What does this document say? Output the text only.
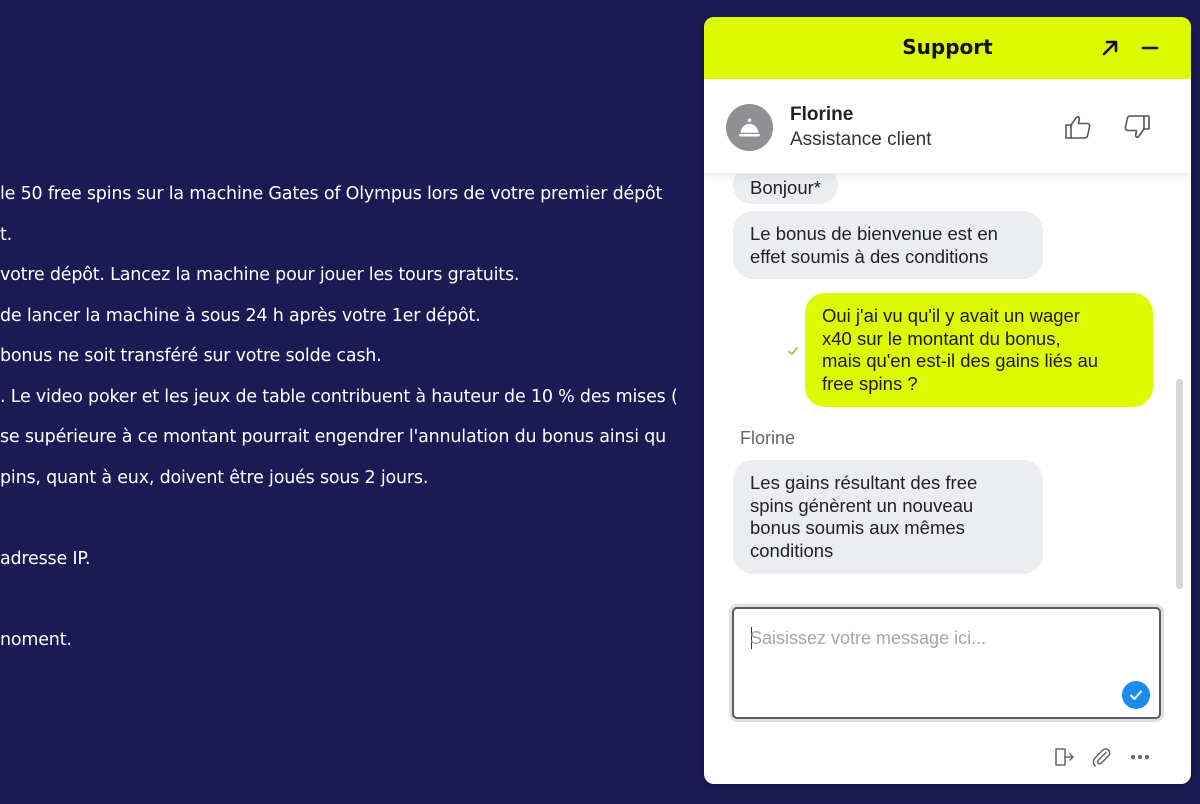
le 50 free spins sur la machine Gates of Olympus lors de votre premier dépôt
t.
votre dépôt. Lancez la machine pour jouer les tours gratuits.
de lancer la machine à sous 24 h après votre 1er dépôt.
bonus ne soit transféré sur votre solde cash.
. Le video poker et les jeux de table contribuent à hauteur de 10 % des mises (
se supérieure à ce montant pourrait engendrer l'annulation du bonus ainsi qu
pins, quant à eux, doivent être joués sous 2 jours.
adresse IP.
noment.
Support
Florine
Assistance client
Bonjour*
Le bonus de bienvenue est en
effet soumis à des conditions
Oui j'ai vu qu'il y avait un wager
x40 sur le montant du bonus,
mais qu'en est-il des gains liés au
free spins ?
Florine
Les gains résultant des free
spins génèrent un nouveau
bonus soumis aux mêmes
conditions
Saisissez votre message ici...
